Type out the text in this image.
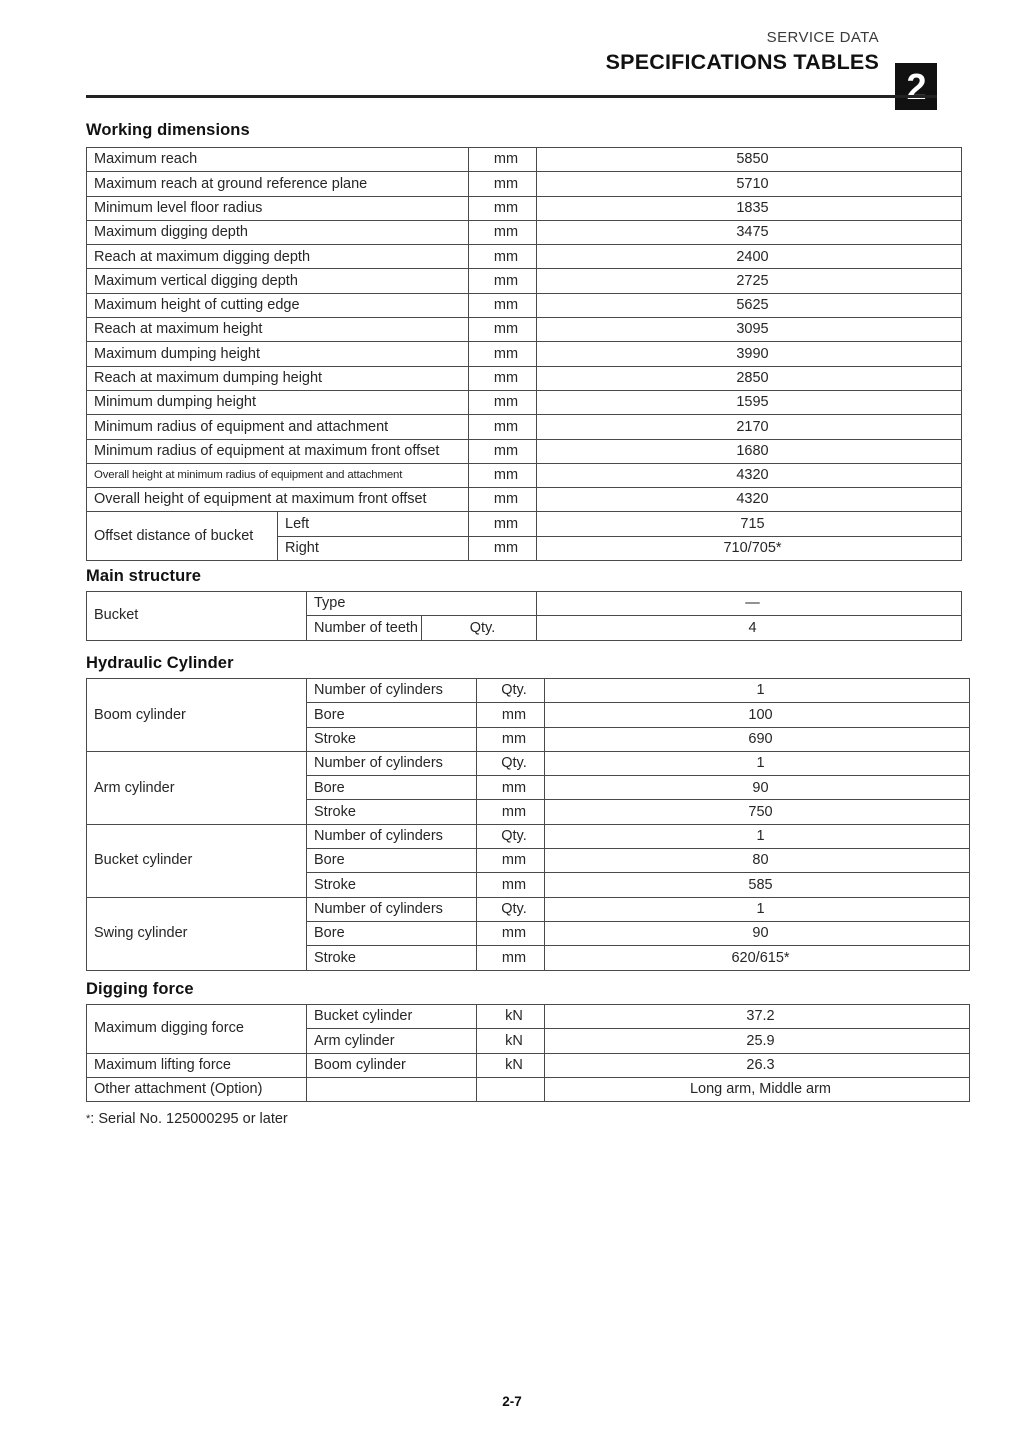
SERVICE DATA
SPECIFICATIONS TABLES
2
Working dimensions
Maximum reach		mm	5850
Maximum reach at ground reference plane		mm	5710
Minimum level floor radius		mm	1835
Maximum digging depth		mm	3475
Reach at maximum digging depth		mm	2400
Maximum vertical digging depth		mm	2725
Maximum height of cutting edge		mm	5625
Reach at maximum height		mm	3095
Maximum dumping height		mm	3990
Reach at maximum dumping height		mm	2850
Minimum dumping height		mm	1595
Minimum radius of equipment and attachment		mm	2170
Minimum radius of equipment at maximum front offset		mm	1680
Overall height at minimum radius of equipment and attachment		mm	4320
Overall height of equipment at maximum front offset		mm	4320
Offset distance of bucket	Left	mm	715
	Right	mm	710/705*
Main structure
Bucket	Type		—
	Number of teeth	Qty.	4
Hydraulic Cylinder
Boom cylinder	Number of cylinders	Qty.	1
	Bore	mm	100
	Stroke	mm	690
Arm cylinder	Number of cylinders	Qty.	1
	Bore	mm	90
	Stroke	mm	750
Bucket cylinder	Number of cylinders	Qty.	1
	Bore	mm	80
	Stroke	mm	585
Swing cylinder	Number of cylinders	Qty.	1
	Bore	mm	90
	Stroke	mm	620/615*
Digging force
Maximum digging force	Bucket cylinder	kN	37.2
	Arm cylinder	kN	25.9
Maximum lifting force	Boom cylinder	kN	26.3
Other attachment (Option)			Long arm, Middle arm
*: Serial No. 125000295 or later
2-7
